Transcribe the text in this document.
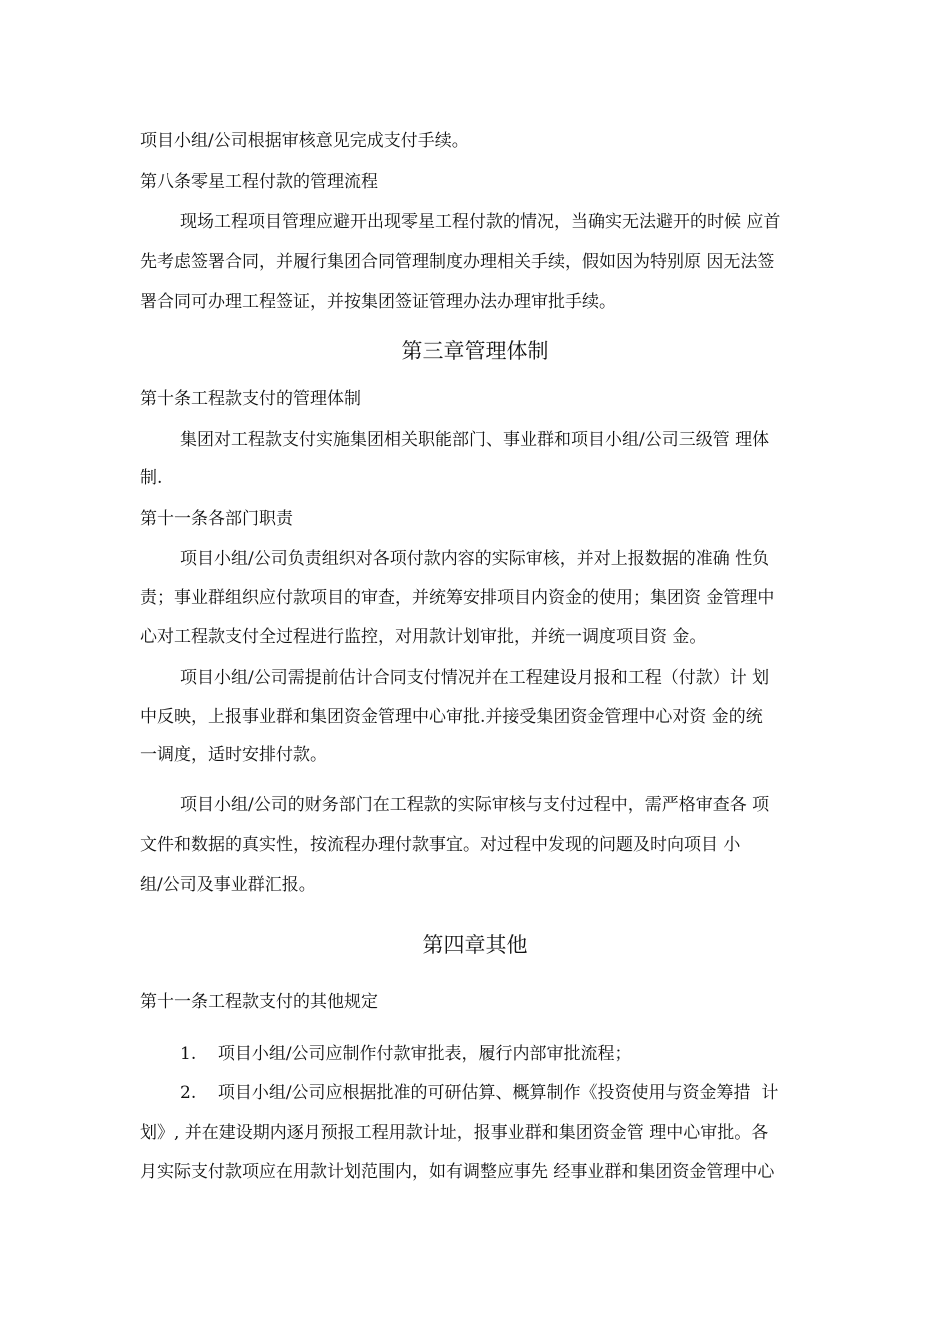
项目小组/公司根据审核意见完成支付手续。
第八条零星工程付款的管理流程
现场工程项目管理应避开出现零星工程付款的情况，当确实无法避开的时候 应首
先考虑签署合同，并履行集团合同管理制度办理相关手续，假如因为特别原 因无法签
署合同可办理工程签证，并按集团签证管理办法办理审批手续。
第三章管理体制
第十条工程款支付的管理体制
集团对工程款支付实施集团相关职能部门、事业群和项目小组/公司三级管 理体
制.
第十一条各部门职责
项目小组/公司负责组织对各项付款内容的实际审核，并对上报数据的准确 性负
责；事业群组织应付款项目的审查，并统筹安排项目内资金的使用；集团资 金管理中
心对工程款支付全过程进行监控，对用款计划审批，并统一调度项目资 金。
项目小组/公司需提前估计合同支付情况并在工程建设月报和工程（付款）计 划
中反映，上报事业群和集团资金管理中心审批.并接受集团资金管理中心对资 金的统
一调度，适时安排付款。
项目小组/公司的财务部门在工程款的实际审核与支付过程中，需严格审查各 项
文件和数据的真实性，按流程办理付款事宜。对过程中发现的问题及时向项目 小
组/公司及事业群汇报。
第四章其他
第十一条工程款支付的其他规定
1.    项目小组/公司应制作付款审批表，履行内部审批流程；
2.    项目小组/公司应根据批准的可研估算、概算制作《投资使用与资金筹措  计
划》, 并在建设期内逐月预报工程用款计址，报事业群和集团资金管 理中心审批。各
月实际支付款项应在用款计划范围内，如有调整应事先 经事业群和集团资金管理中心
